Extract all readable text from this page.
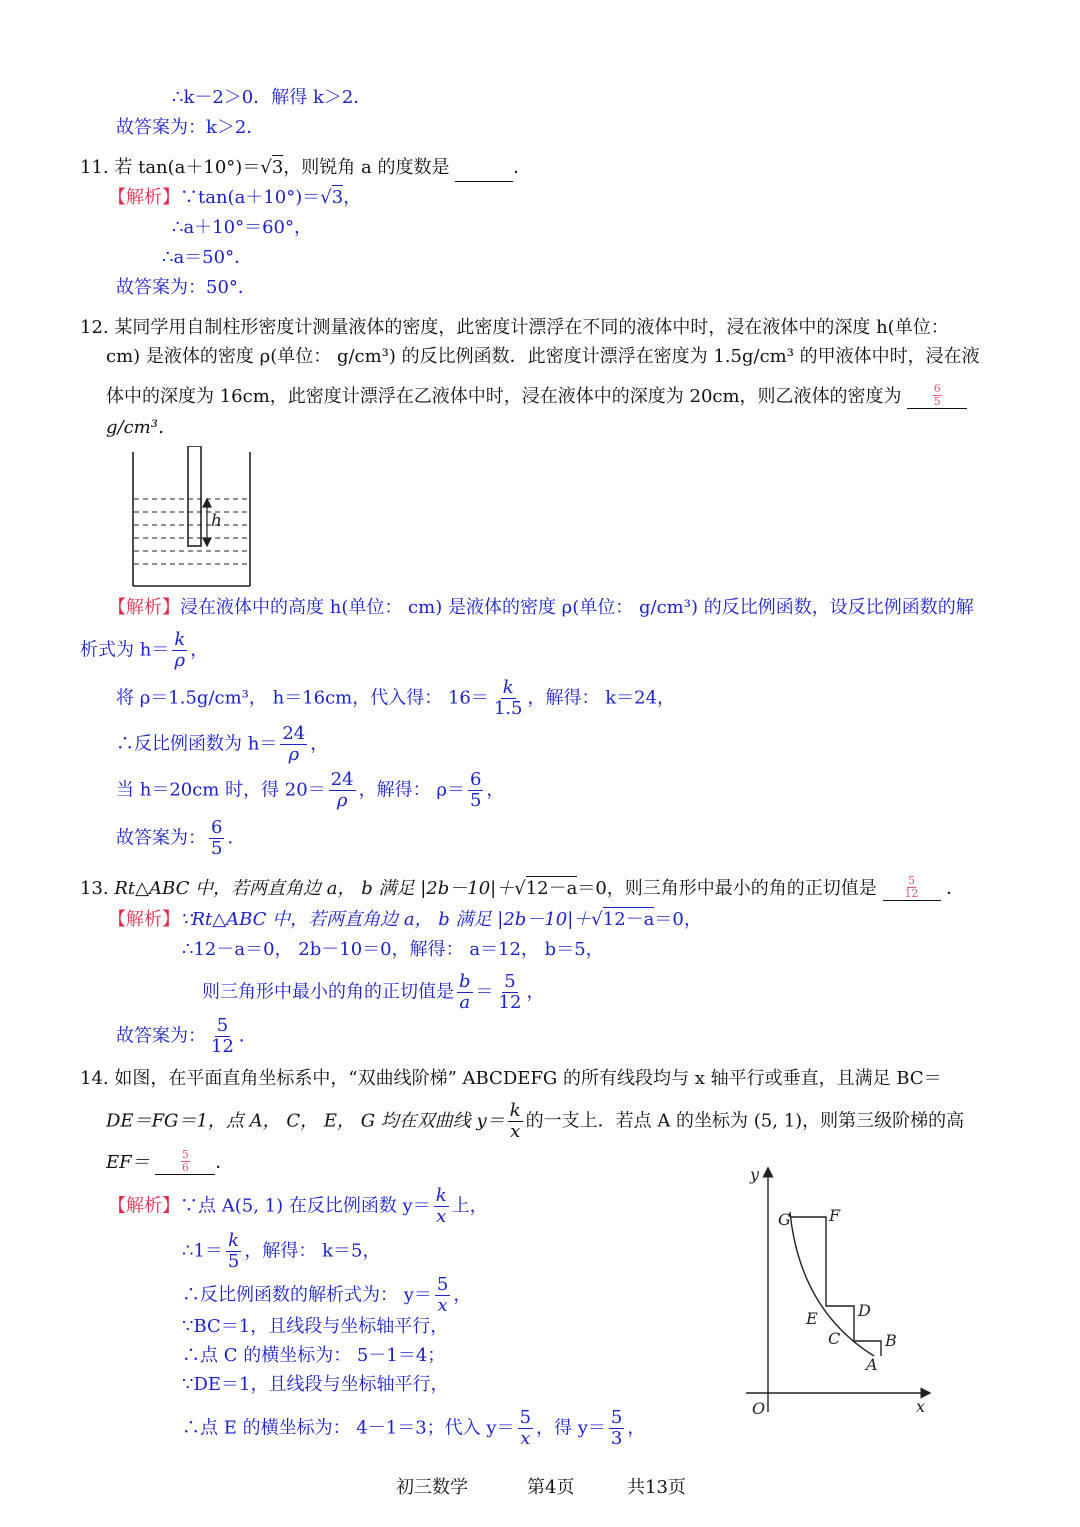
∴k－2＞0．解得 k＞2．
故答案为：k＞2．
11. 若 tan(a＋10°)＝√3，则锐角 a 的度数是	．
【解析】∵tan(a＋10°)＝√3，
∴a＋10°＝60°，
∴a＝50°．
故答案为：50°．
12. 某同学用自制柱形密度计测量液体的密度，此密度计漂浮在不同的液体中时，浸在液体中的深度 h(单位：
cm) 是液体的密度 ρ(单位： g/cm³) 的反比例函数．此密度计漂浮在密度为 1.5g/cm³ 的甲液体中时，浸在液
体中的深度为 16cm，此密度计漂浮在乙液体中时，浸在液体中的深度为 20cm，则乙液体的密度为	$\frac{6}{5}$
g/cm³．
h
【解析】浸在液体中的高度 h(单位： cm) 是液体的密度 ρ(单位： g/cm³) 的反比例函数，设反比例函数的解
析式为 $h= \frac{k}{\rho}$ ，
将 ρ＝1.5g/cm³， h＝16cm，代入得： $16= \frac{k}{1.5}$ ，解得： k＝24，
∴反比例函数为 $h= \frac{24}{\rho}$ ，
当 h＝20cm 时，得 $20= \frac{24}{\rho}$ ，解得： $\rho= \frac{6}{5}$ ，
故答案为： $\frac{6}{5}$ ．
13. Rt△ABC 中，若两直角边 a， b 满足 |2b－10|＋√12－a＝0，则三角形中最小的角的正切值是	$\frac{5}{12}$ ．
【解析】∵Rt△ABC 中，若两直角边 a， b 满足 |2b－10|＋√12－a＝0，
∴12－a＝0， 2b－10＝0，解得： a＝12， b＝5，
则三角形中最小的角的正切值是 $\frac{b}{a} = \frac{5}{12}$ ，
故答案为： $\frac{5}{12}$ ．
14. 如图，在平面直角坐标系中，“双曲线阶梯” ABCDEFG 的所有线段均与 x 轴平行或垂直，且满足 BC＝
DE＝FG＝1，点 A， C， E， G 均在双曲线 $y= \frac{k}{x}$ 的一支上．若点 A 的坐标为 (5, 1)，则第三级阶梯的高
EF＝	$\frac{5}{6}$ ．
【解析】∵点 A(5, 1) 在反比例函数 $y= \frac{k}{x}$ 上，
∴1＝ $\frac{k}{5}$ ，解得： k＝5，
∴反比例函数的解析式为： $y= \frac{5}{x}$ ，
∵BC＝1，且线段与坐标轴平行，
∴点 C 的横坐标为： 5－1＝4；
∵DE＝1，且线段与坐标轴平行，
∴点 E 的横坐标为： 4－1＝3；代入 $y= \frac{5}{x}$ ，得 $y= \frac{5}{3}$ ，
y
x
O
G F
E	D
C	B
A
初三数学	第4页	共13页
